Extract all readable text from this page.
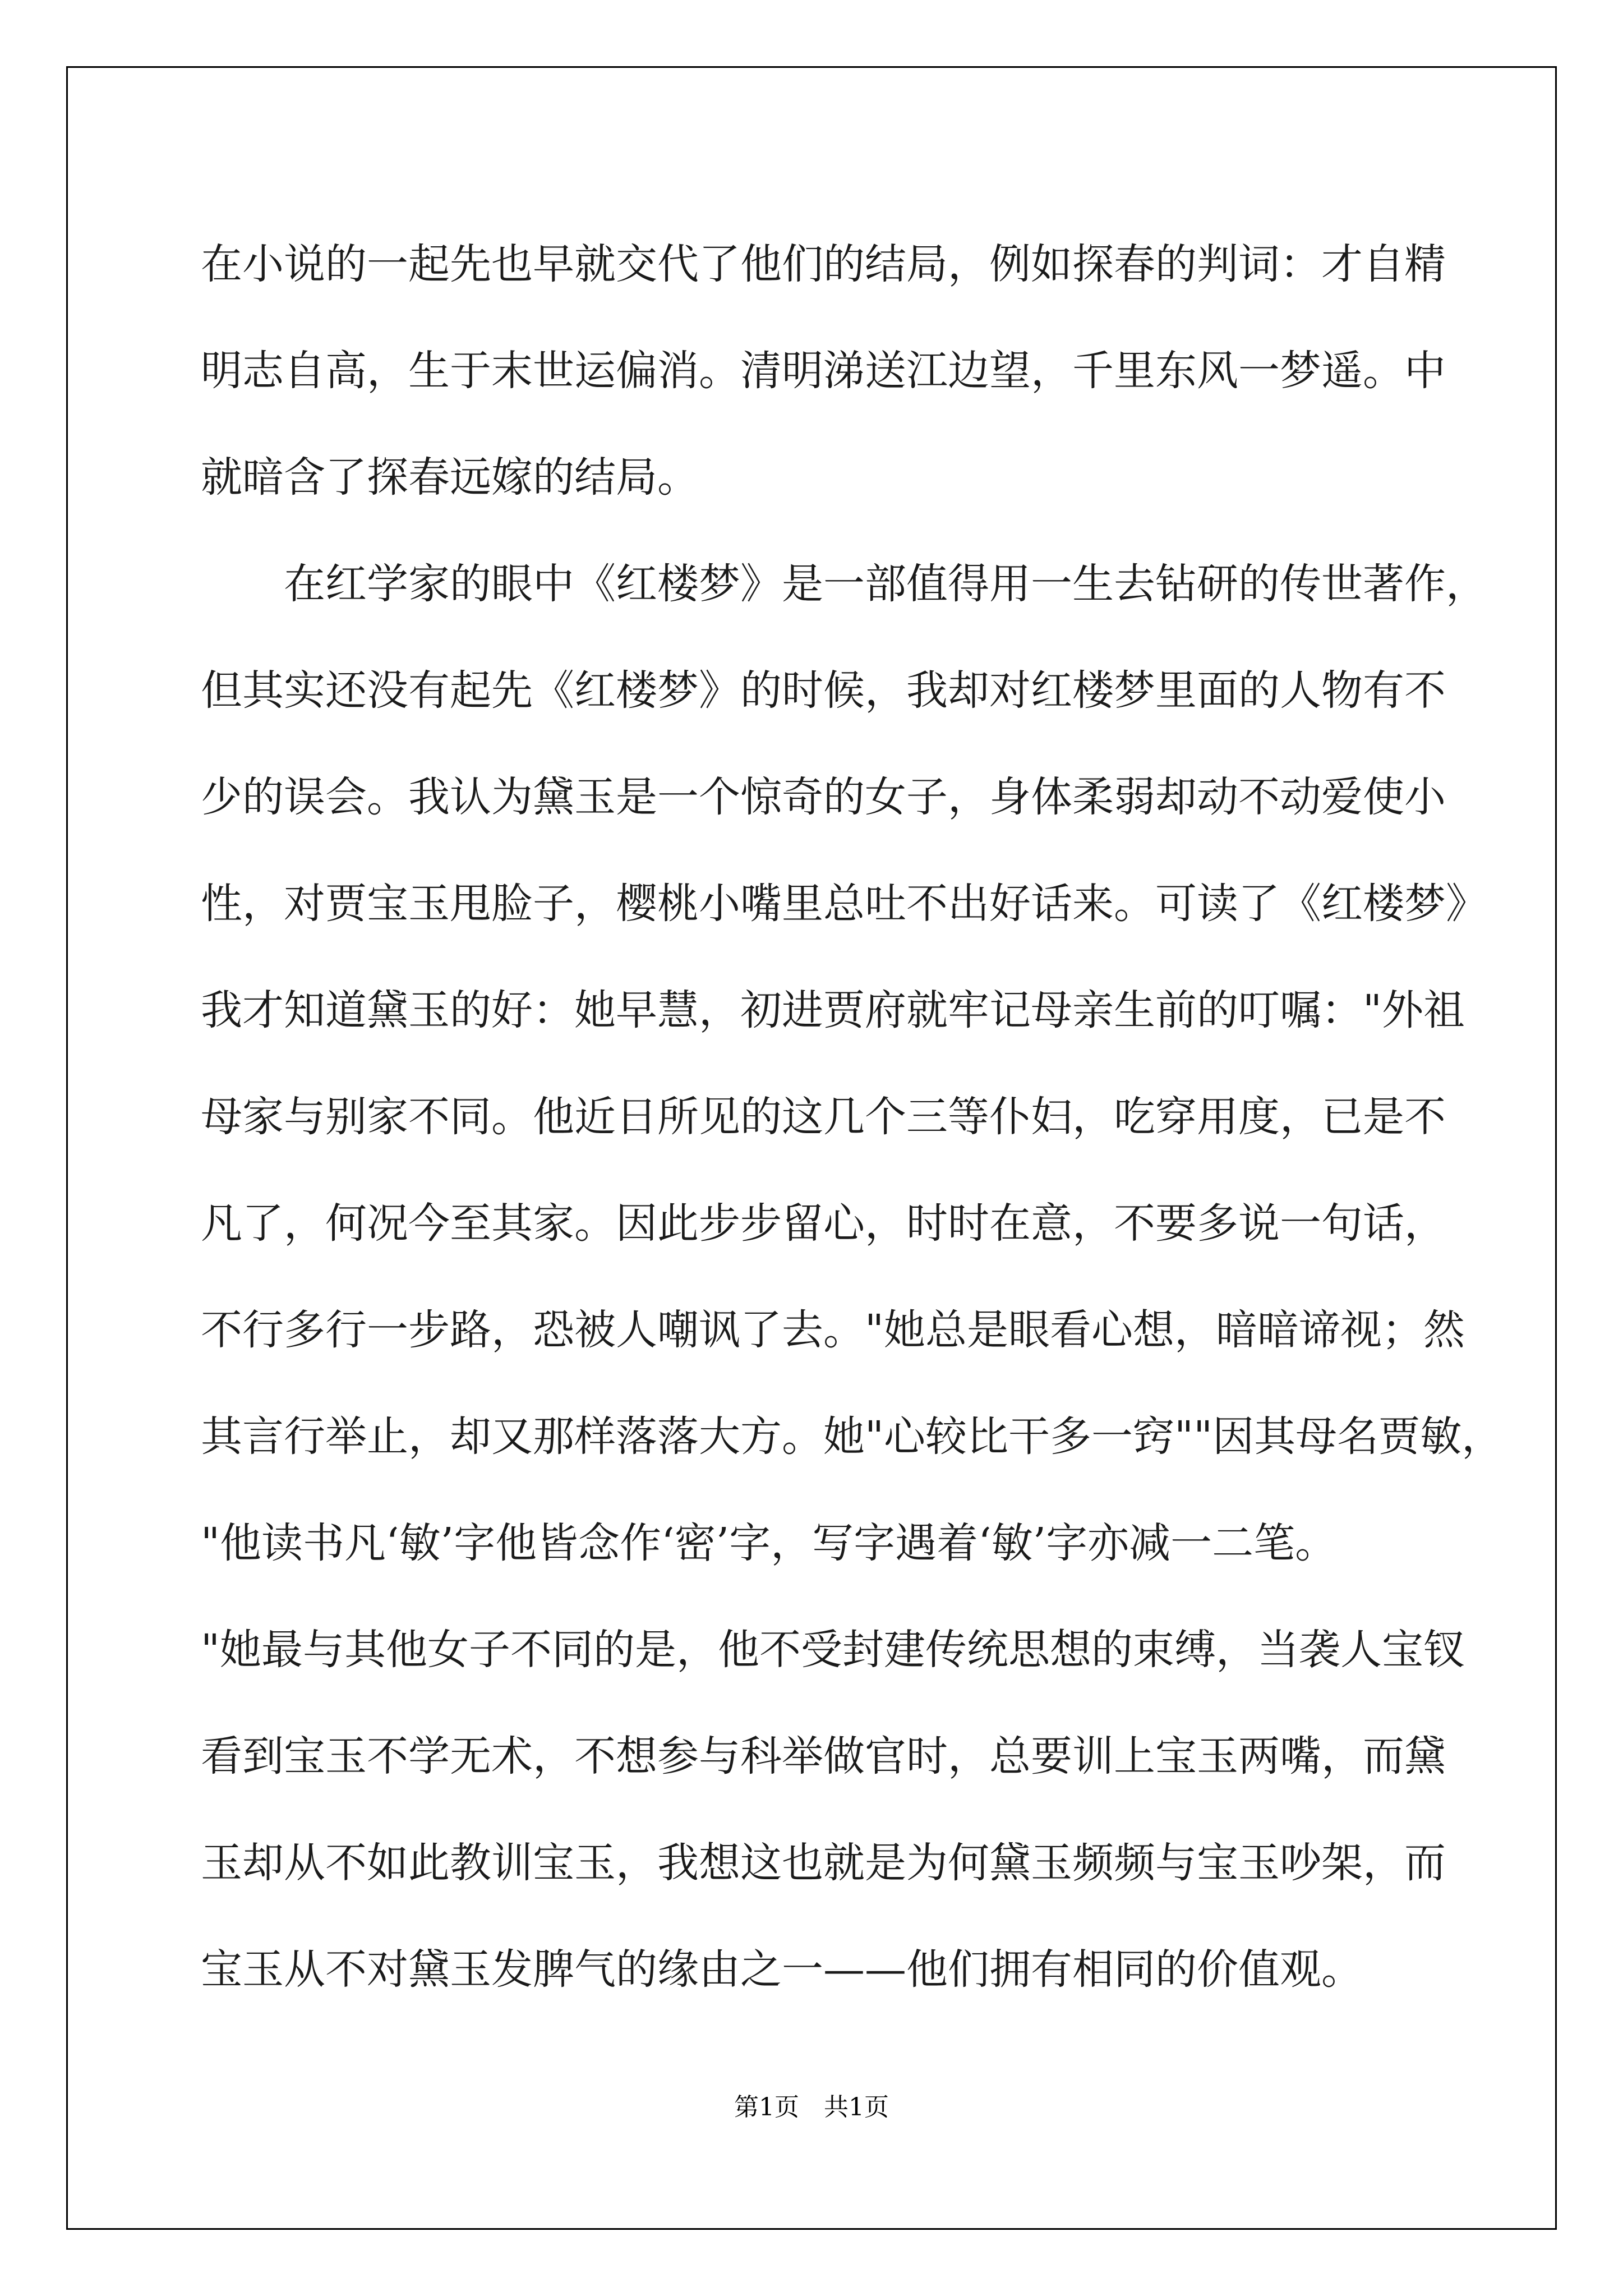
在小说的一起先也早就交代了他们的结局，例如探春的判词：才自精
明志自高，生于末世运偏消。清明涕送江边望，千里东风一梦遥。中
就暗含了探春远嫁的结局。
　　在红学家的眼中《红楼梦》是一部值得用一生去钻研的传世著作，
但其实还没有起先《红楼梦》的时候，我却对红楼梦里面的人物有不
少的误会。我认为黛玉是一个惊奇的女子，身体柔弱却动不动爱使小
性，对贾宝玉甩脸子，樱桃小嘴里总吐不出好话来。可读了《红楼梦》
我才知道黛玉的好：她早慧，初进贾府就牢记母亲生前的叮嘱："外祖
母家与别家不同。他近日所见的这几个三等仆妇，吃穿用度，已是不
凡了，何况今至其家。因此步步留心，时时在意，不要多说一句话，
不行多行一步路，恐被人嘲讽了去。"她总是眼看心想，暗暗谛视；然
其言行举止，却又那样落落大方。她"心较比干多一窍""因其母名贾敏，
"他读书凡‘敏’字他皆念作‘密’字，写字遇着‘敏’字亦减一二笔。
"她最与其他女子不同的是，他不受封建传统思想的束缚，当袭人宝钗
看到宝玉不学无术，不想参与科举做官时，总要训上宝玉两嘴，而黛
玉却从不如此教训宝玉，我想这也就是为何黛玉频频与宝玉吵架，而
宝玉从不对黛玉发脾气的缘由之一——他们拥有相同的价值观。
第1页　共1页
